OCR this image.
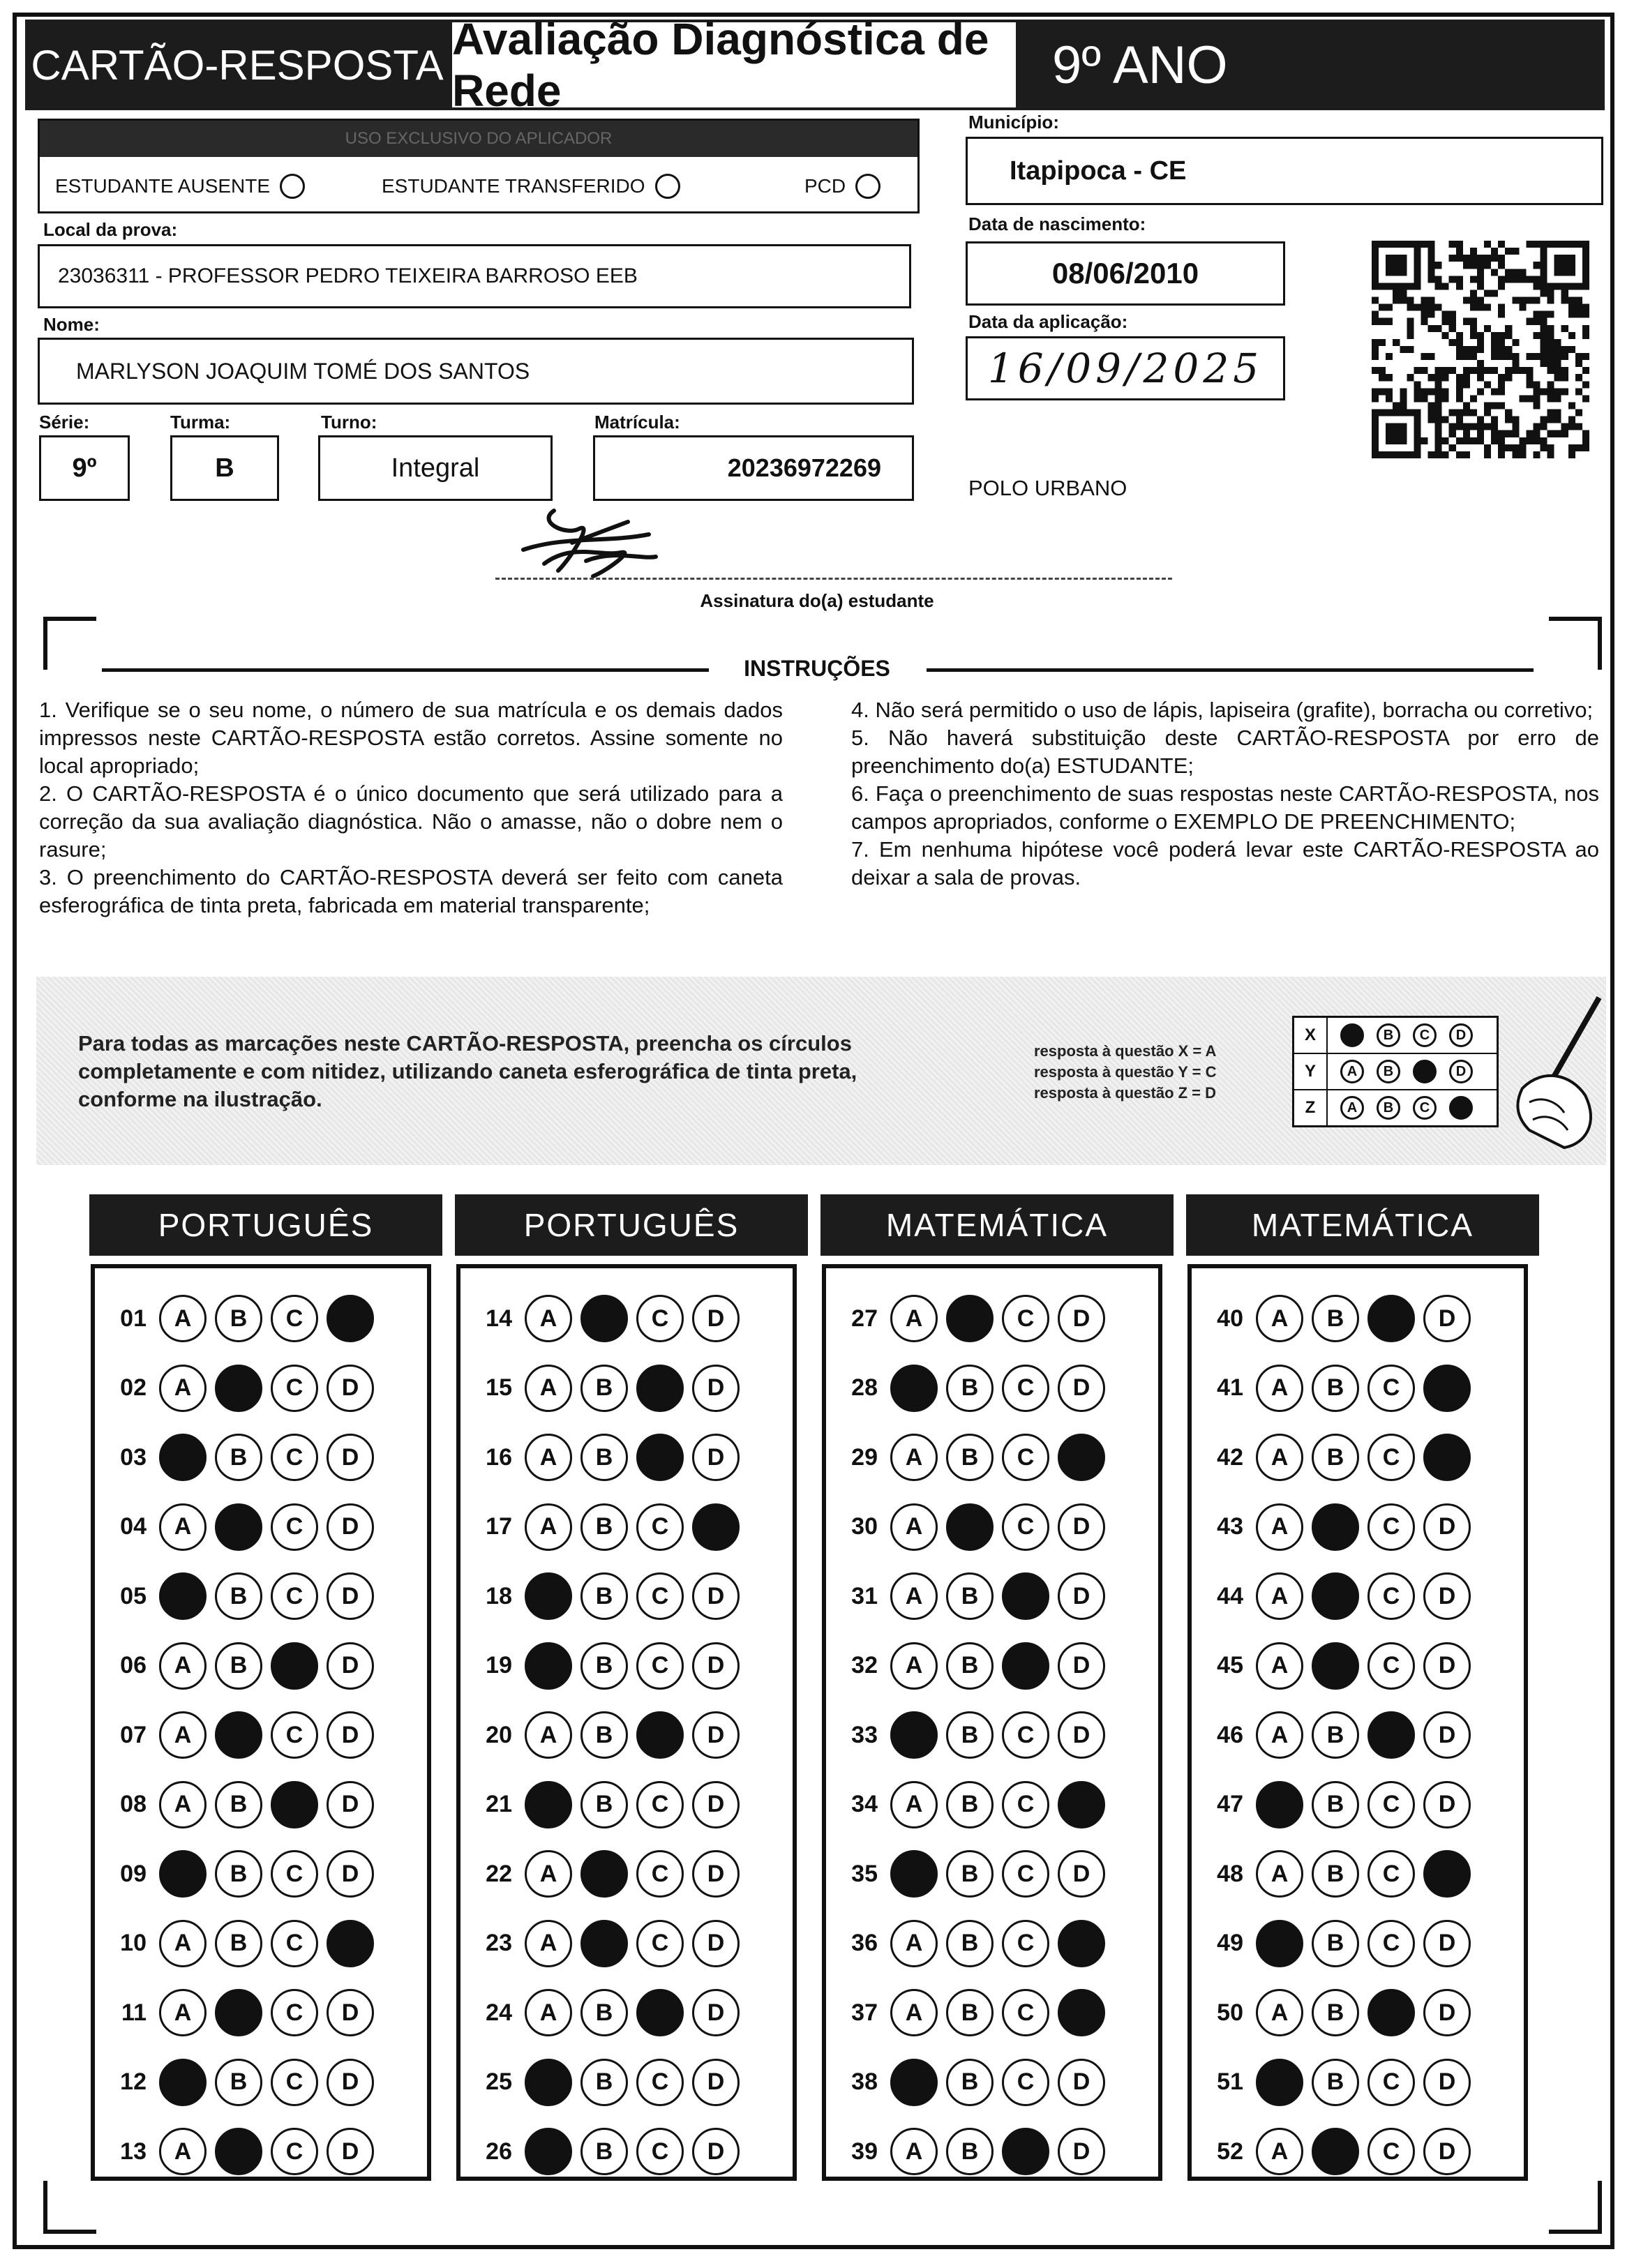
CARTÃO-RESPOSTA
Avaliação Diagnóstica de Rede	9º ANO
USO EXCLUSIVO DO APLICADOR
ESTUDANTE AUSENTE	ESTUDANTE TRANSFERIDO	PCD
Local da prova:
23036311 - PROFESSOR PEDRO TEIXEIRA BARROSO EEB
Nome:
MARLYSON JOAQUIM TOMÉ DOS SANTOS
Série:
9º
Turma:
B
Turno:
Integral
Matrícula:
20236972269
Município:
Itapipoca - CE
Data de nascimento:
08/06/2010
Data da aplicação:
16/09/2025
POLO URBANO
Assinatura do(a) estudante
INSTRUÇÕES

1. Verifique se o seu nome, o número de sua matrícula e os demais dados impressos neste CARTÃO-RESPOSTA estão corretos. Assine somente no local apropriado;

2. O CARTÃO-RESPOSTA é o único documento que será utilizado para a correção da sua avaliação diagnóstica. Não o amasse, não o dobre nem o rasure;

3. O preenchimento do CARTÃO-RESPOSTA deverá ser feito com caneta esferográfica de tinta preta, fabricada em material transparente;

4. Não será permitido o uso de lápis, lapiseira (grafite), borracha ou corretivo;

5. Não haverá substituição deste CARTÃO-RESPOSTA por erro de preenchimento do(a) ESTUDANTE;

6. Faça o preenchimento de suas respostas neste CARTÃO-RESPOSTA, nos campos apropriados, conforme o EXEMPLO DE PREENCHIMENTO;

7. Em nenhuma hipótese você poderá levar este CARTÃO-RESPOSTA ao deixar a sala de provas.

Para todas as marcações neste CARTÃO-RESPOSTA, preencha os círculos completamente e com nitidez, utilizando caneta esferográfica de tinta preta, conforme na ilustração.
resposta à questão X = A
resposta à questão Y = C
resposta à questão Z = D
X	A	B	C	D
Y	A	B	C	D
Z	A	B	C	D
PORTUGUÊS
01	A	B	C	D
02	A	B	C	D
03	A	B	C	D
04	A	B	C	D
05	A	B	C	D
06	A	B	C	D
07	A	B	C	D
08	A	B	C	D
09	A	B	C	D
10	A	B	C	D
11	A	B	C	D
12	A	B	C	D
13	A	B	C	D
PORTUGUÊS
14	A	B	C	D
15	A	B	C	D
16	A	B	C	D
17	A	B	C	D
18	A	B	C	D
19	A	B	C	D
20	A	B	C	D
21	A	B	C	D
22	A	B	C	D
23	A	B	C	D
24	A	B	C	D
25	A	B	C	D
26	A	B	C	D
MATEMÁTICA
27	A	B	C	D
28	A	B	C	D
29	A	B	C	D
30	A	B	C	D
31	A	B	C	D
32	A	B	C	D
33	A	B	C	D
34	A	B	C	D
35	A	B	C	D
36	A	B	C	D
37	A	B	C	D
38	A	B	C	D
39	A	B	C	D
MATEMÁTICA
40	A	B	C	D
41	A	B	C	D
42	A	B	C	D
43	A	B	C	D
44	A	B	C	D
45	A	B	C	D
46	A	B	C	D
47	A	B	C	D
48	A	B	C	D
49	A	B	C	D
50	A	B	C	D
51	A	B	C	D
52	A	B	C	D
